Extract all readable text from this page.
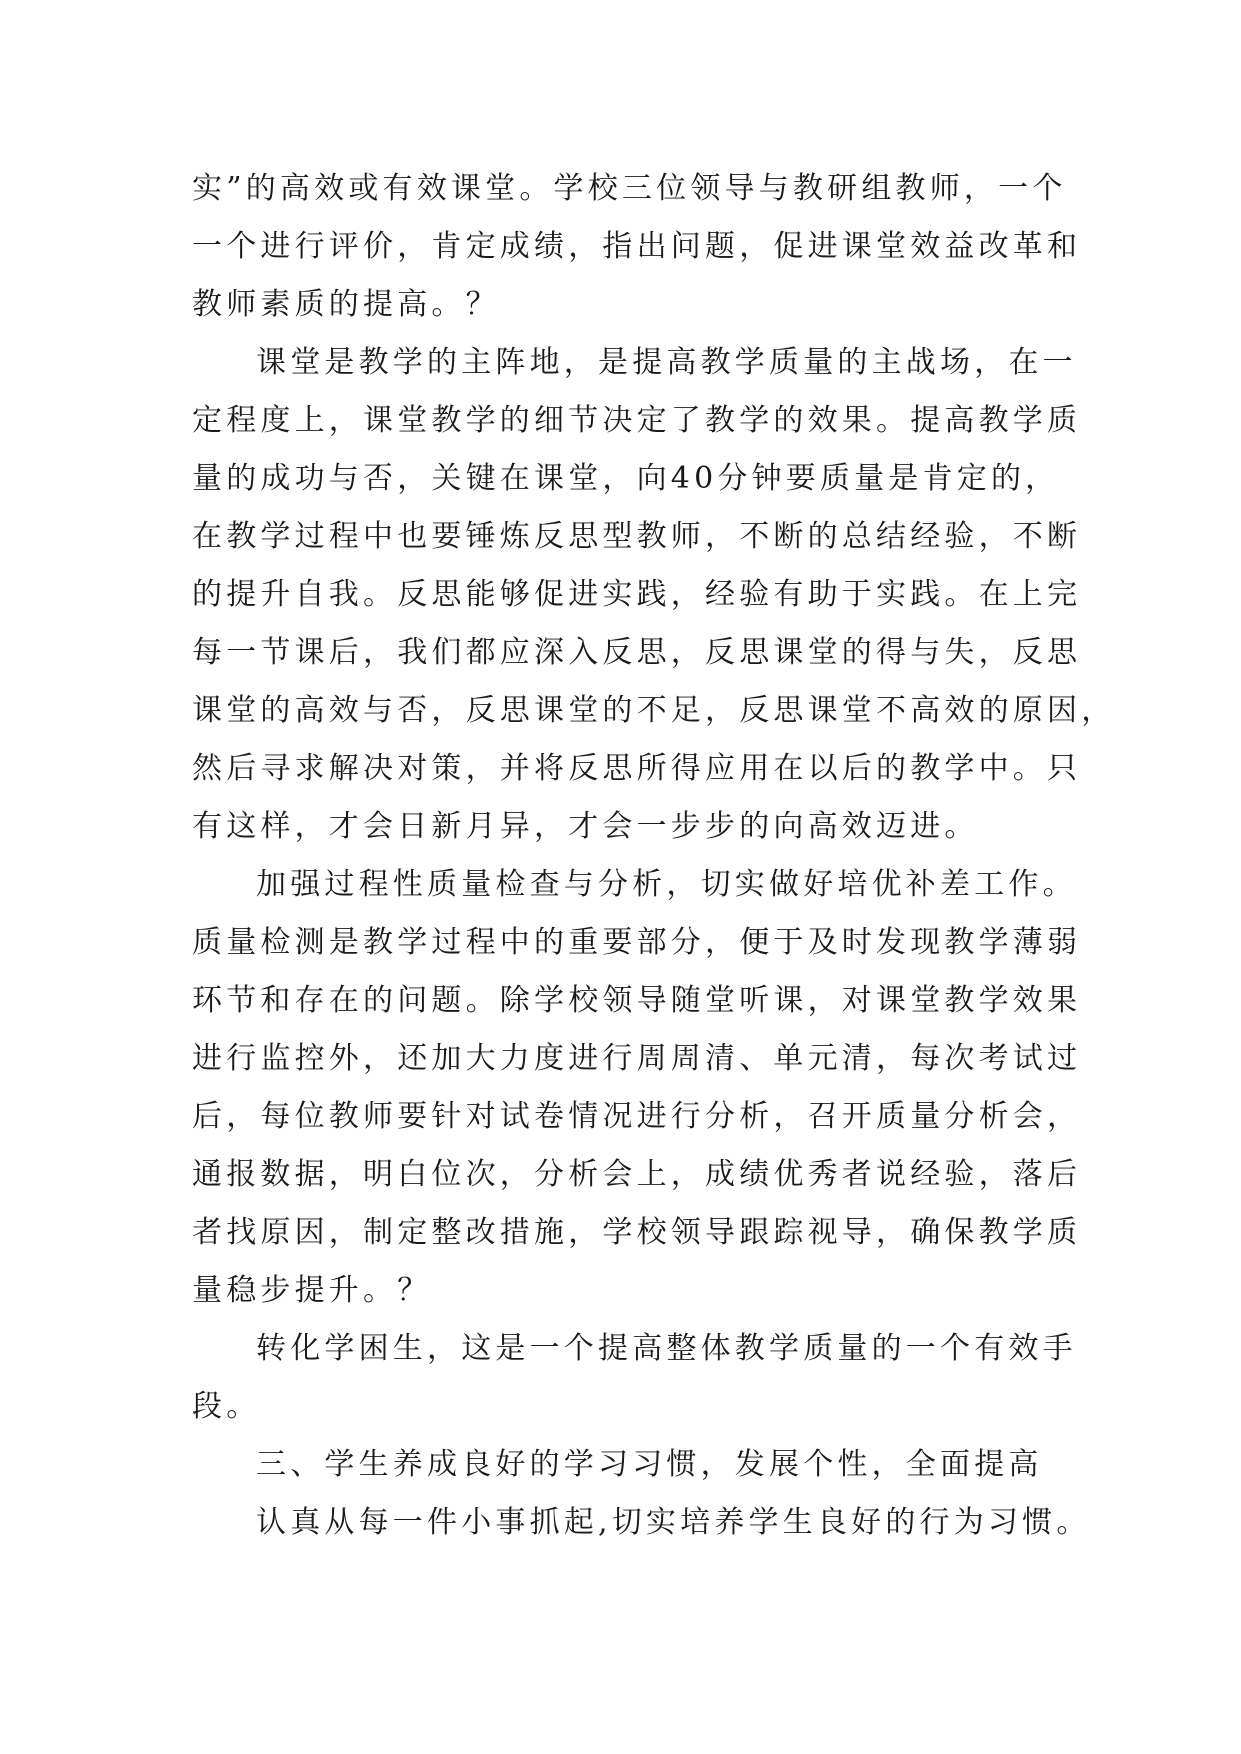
实”的高效或有效课堂。学校三位领导与教研组教师，一个
一个进行评价，肯定成绩，指出问题，促进课堂效益改革和
教师素质的提高。？
课堂是教学的主阵地，是提高教学质量的主战场，在一
定程度上，课堂教学的细节决定了教学的效果。提高教学质
量的成功与否，关键在课堂，向40分钟要质量是肯定的，
在教学过程中也要锤炼反思型教师，不断的总结经验，不断
的提升自我。反思能够促进实践，经验有助于实践。在上完
每一节课后，我们都应深入反思，反思课堂的得与失，反思
课堂的高效与否，反思课堂的不足，反思课堂不高效的原因，
然后寻求解决对策，并将反思所得应用在以后的教学中。只
有这样，才会日新月异，才会一步步的向高效迈进。
加强过程性质量检查与分析，切实做好培优补差工作。
质量检测是教学过程中的重要部分，便于及时发现教学薄弱
环节和存在的问题。除学校领导随堂听课，对课堂教学效果
进行监控外，还加大力度进行周周清、单元清，每次考试过
后，每位教师要针对试卷情况进行分析，召开质量分析会，
通报数据，明白位次，分析会上，成绩优秀者说经验，落后
者找原因，制定整改措施，学校领导跟踪视导，确保教学质
量稳步提升。？
转化学困生，这是一个提高整体教学质量的一个有效手
段。
三、学生养成良好的学习习惯，发展个性，全面提高
认真从每一件小事抓起,切实培养学生良好的行为习惯。
